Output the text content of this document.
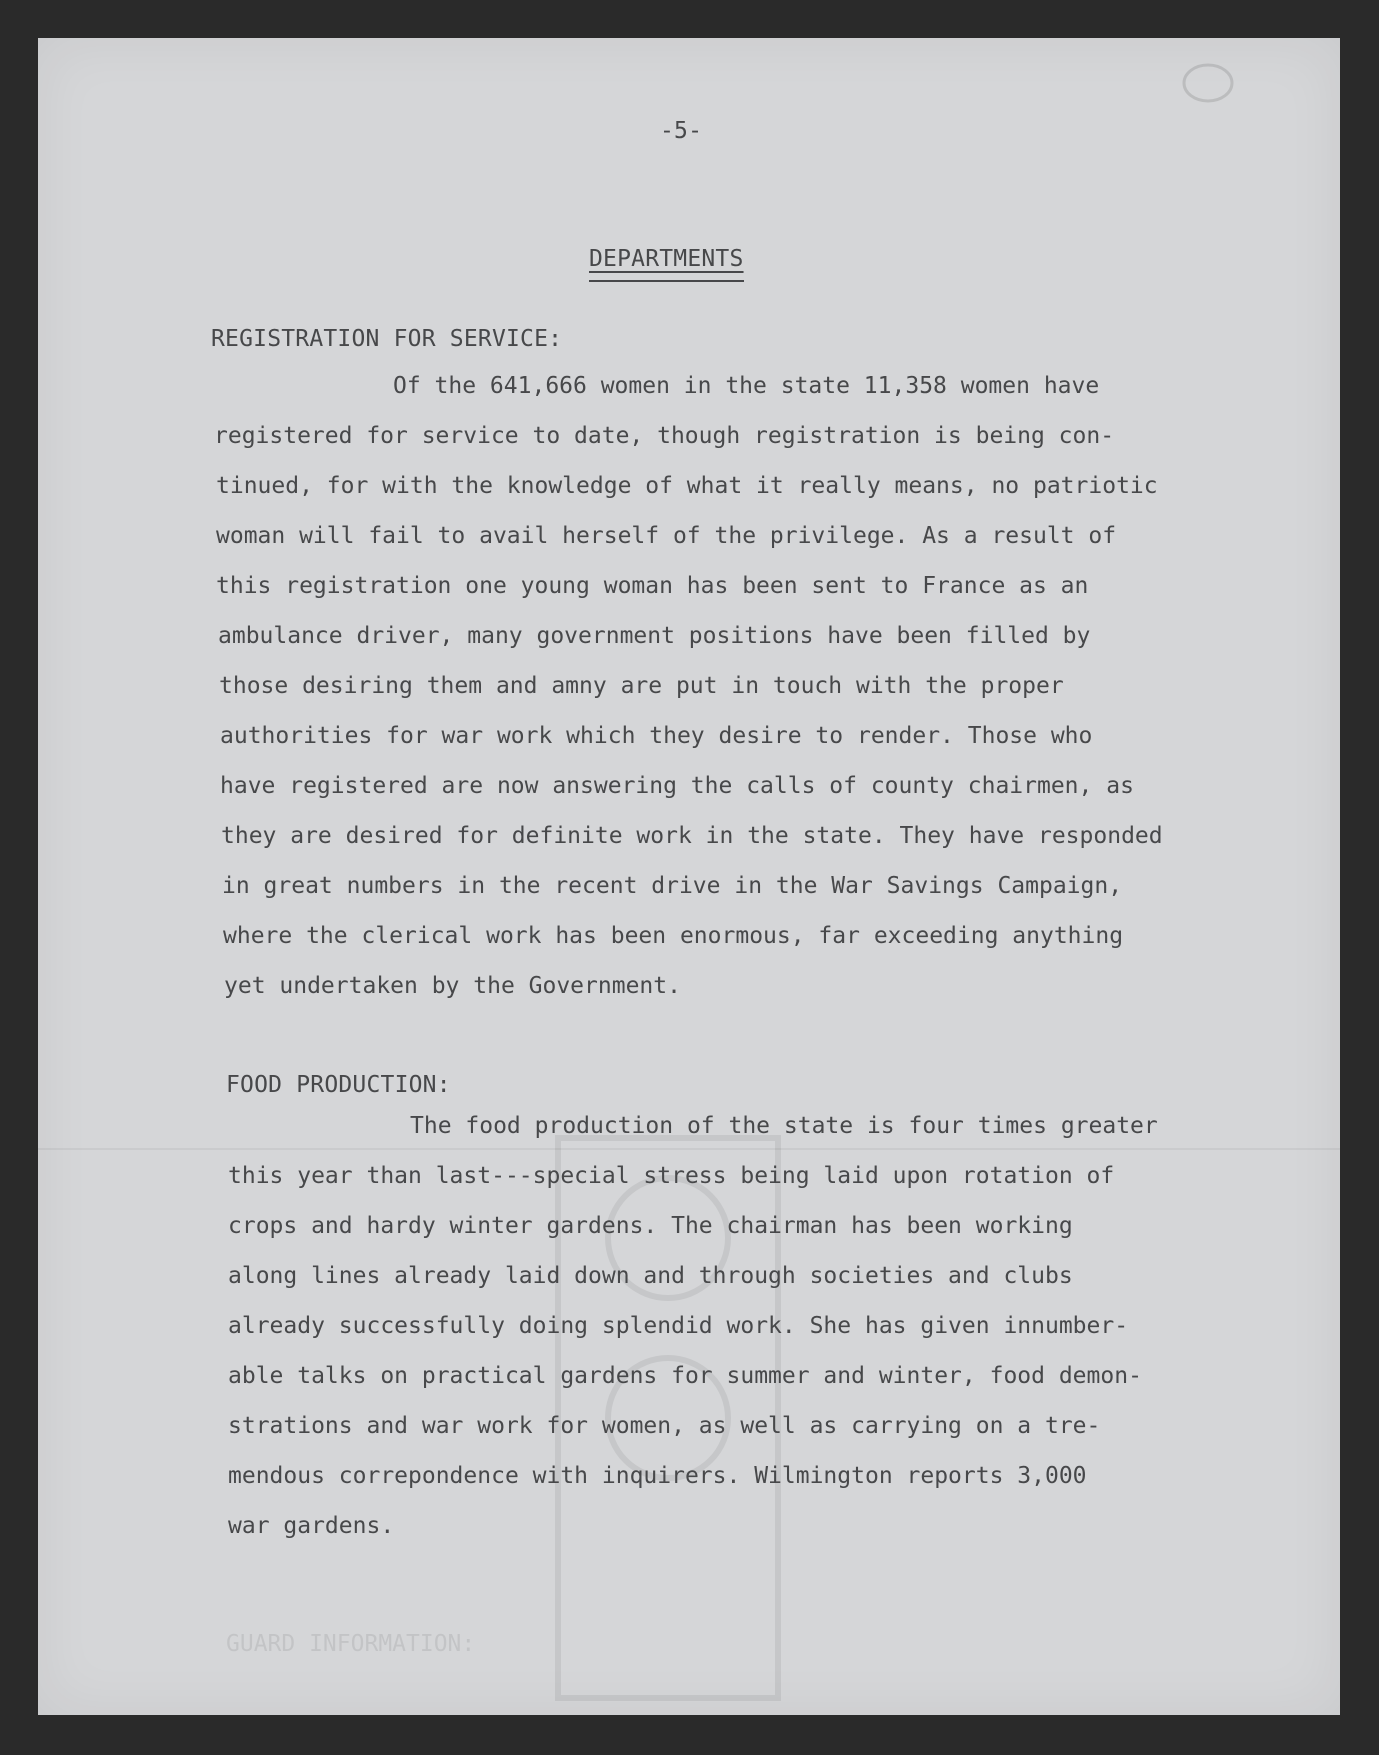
-5-

DEPARTMENTS

REGISTRATION FOR SERVICE:

Of the 641,666 women in the state 11,358 women have
registered for service to date, though registration is being con-
tinued, for with the knowledge of what it really means, no patriotic
woman will fail to avail herself of the privilege. As a result of
this registration one young woman has been sent to France as an
ambulance driver, many government positions have been filled by
those desiring them and amny are put in touch with the proper
authorities for war work which they desire to render. Those who
have registered are now answering the calls of county chairmen, as
they are desired for definite work in the state. They have responded
in great numbers in the recent drive in the War Savings Campaign,
where the clerical work has been enormous, far exceeding anything
yet undertaken by the Government.

FOOD PRODUCTION:

The food production of the state is four times greater
this year than last---special stress being laid upon rotation of
crops and hardy winter gardens. The chairman has been working
along lines already laid down and through societies and clubs
already successfully doing splendid work. She has given innumber-
able talks on practical gardens for summer and winter, food demon-
strations and war work for women, as well as carrying on a tre-
mendous correpondence with inquirers. Wilmington reports 3,000
war gardens.
GUARD INFORMATION:
